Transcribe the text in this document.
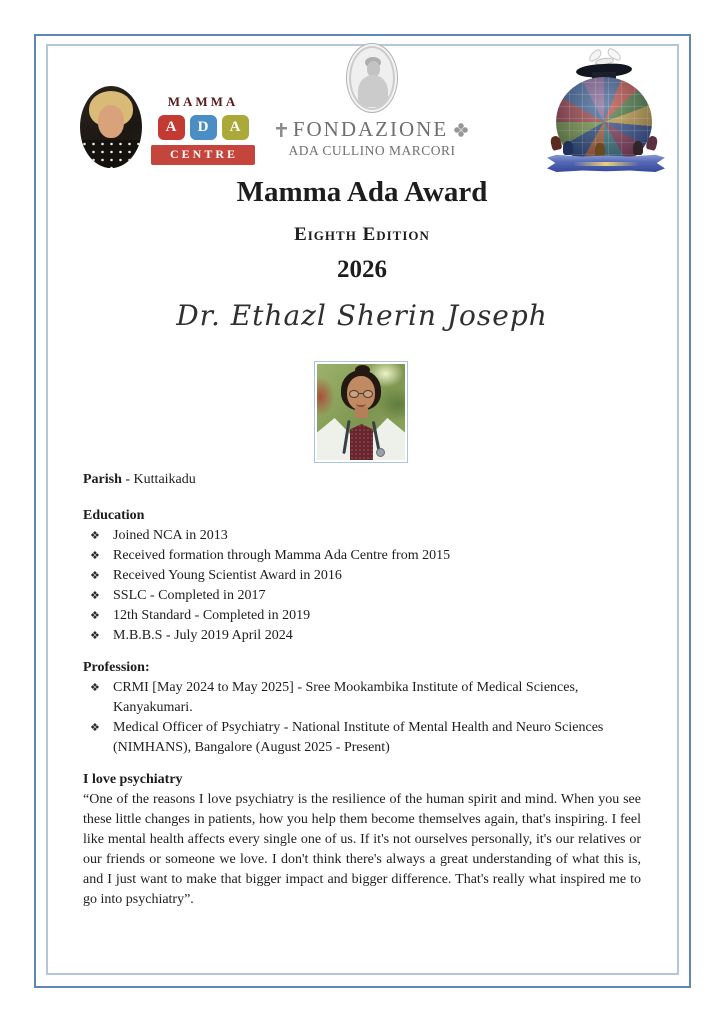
MAMMA
A	D	A
CENTRE
FONDAZIONE
ADA CULLINO MARCORI
Mamma Ada Award
Eighth Edition
2026
Dr. Ethazl Sherin Joseph

Parish - Kuttaikadu

Education

❖ Joined NCA in 2013
❖ Received formation through Mamma Ada Centre from 2015
❖ Received Young Scientist Award in 2016
❖ SSLC - Completed in 2017
❖ 12th Standard - Completed in 2019
❖ M.B.B.S - July 2019 April 2024

Profession:

❖ CRMI [May 2024 to May 2025] - Sree Mookambika Institute of Medical Sciences, Kanyakumari.
❖ Medical Officer of Psychiatry - National Institute of Mental Health and Neuro Sciences (NIMHANS), Bangalore (August 2025 - Present)

I love psychiatry

“One of the reasons I love psychiatry is the resilience of the human spirit and mind. When you see these little changes in patients, how you help them become themselves again, that's inspiring. I feel like mental health affects every single one of us. If it's not ourselves personally, it's our relatives or our friends or someone we love. I don't think there's always a great understanding of what this is, and I just want to make that bigger impact and bigger difference. That's really what inspired me to go into psychiatry”.
